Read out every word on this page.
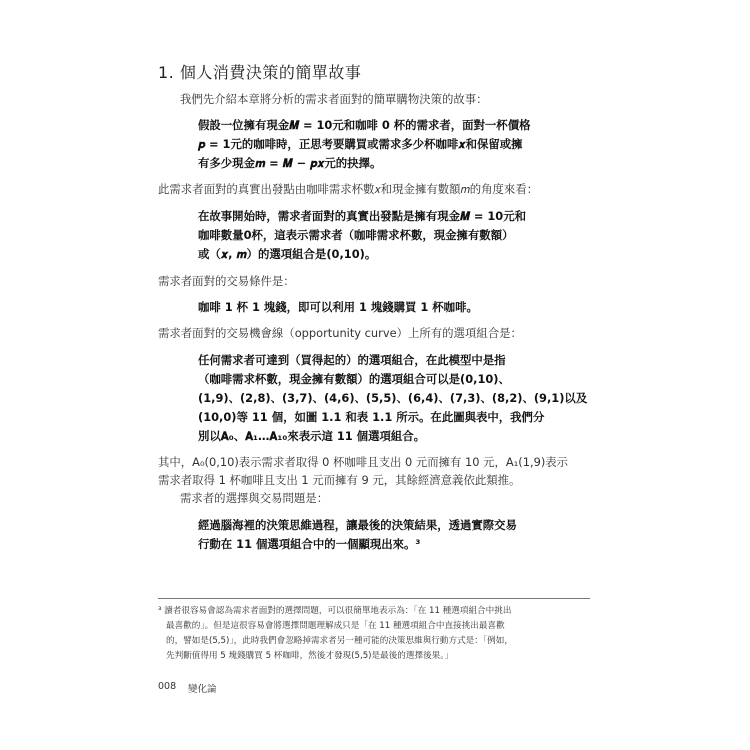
1. 個人消費決策的簡單故事
我們先介紹本章將分析的需求者面對的簡單購物決策的故事：
假設一位擁有現金𝑴 = 10元和咖啡 0 杯的需求者，面對一杯價格
𝒑 = 1元的咖啡時，正思考要購買或需求多少杯咖啡𝒙和保留或擁
有多少現金𝒎 = 𝑴 − 𝒑𝒙元的抉擇。
此需求者面對的真實出發點由咖啡需求杯數𝑥和現金擁有數額𝑚的角度來看：
在故事開始時，需求者面對的真實出發點是擁有現金𝑴 = 10元和
咖啡數量0杯，這表示需求者（咖啡需求杯數，現金擁有數額）
或（𝒙, 𝒎）的選項組合是(0,10)。
需求者面對的交易條件是：
咖啡 1 杯 1 塊錢，即可以利用 1 塊錢購買 1 杯咖啡。
需求者面對的交易機會線（opportunity curve）上所有的選項組合是：
任何需求者可達到（買得起的）的選項組合，在此模型中是指
（咖啡需求杯數，現金擁有數額）的選項組合可以是(0,10)、
(1,9)、(2,8)、(3,7)、(4,6)、(5,5)、(6,4)、(7,3)、(8,2)、(9,1)以及
(10,0)等 11 個，如圖 1.1 和表 1.1 所示。在此圖與表中，我們分
別以𝐀₀、𝐀₁…𝐀₁₀來表示這 11 個選項組合。
其中，A₀(0,10)表示需求者取得 0 杯咖啡且支出 0 元而擁有 10 元，A₁(1,9)表示
需求者取得 1 杯咖啡且支出 1 元而擁有 9 元，其餘經濟意義依此類推。
需求者的選擇與交易問題是：
經過腦海裡的決策思維過程，讓最後的決策結果，透過實際交易
行動在 11 個選項組合中的一個顯現出來。³
³ 讀者很容易會認為需求者面對的選擇問題，可以很簡單地表示為：「在 11 種選項組合中挑出
最喜歡的」。但是這很容易會將選擇問題理解成只是「在 11 種選項組合中直接挑出最喜歡
的，譬如是(5,5)」，此時我們會忽略掉需求者另一種可能的決策思維與行動方式是：「例如，
先判斷值得用 5 塊錢購買 5 杯咖啡，然後才發現(5,5)是最後的選擇後果。」
008 變化論
